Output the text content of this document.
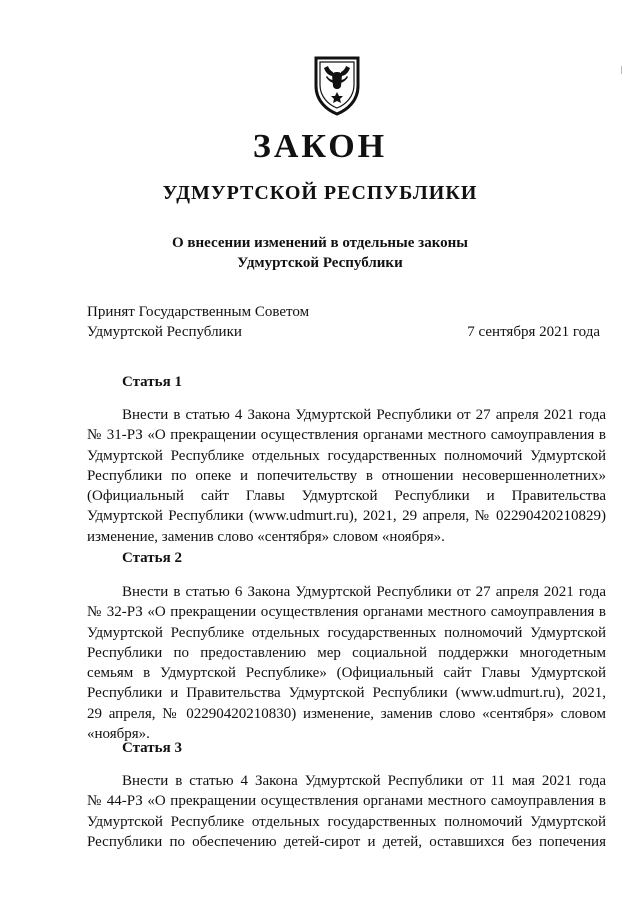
ЗАКОН
УДМУРТСКОЙ РЕСПУБЛИКИ
О внесении изменений в отдельные законы
Удмуртской Республики
Принят Государственным Советом
Удмуртской Республики	7 сентября 2021 года
Статья 1
Внести в статью 4 Закона Удмуртской Республики от 27 апреля 2021 года
№ 31-РЗ «О прекращении осуществления органами местного самоуправления в
Удмуртской Республике отдельных государственных полномочий Удмуртской
Республики по опеке и попечительству в отношении несовершеннолетних»
(Официальный сайт Главы Удмуртской Республики и Правительства
Удмуртской Республики (www.udmurt.ru), 2021, 29 апреля, № 02290420210829)
изменение, заменив слово «сентября» словом «ноября».
Статья 2
Внести в статью 6 Закона Удмуртской Республики от 27 апреля 2021 года
№ 32-РЗ «О прекращении осуществления органами местного самоуправления в
Удмуртской Республике отдельных государственных полномочий Удмуртской
Республики по предоставлению мер социальной поддержки многодетным
семьям в Удмуртской Республике» (Официальный сайт Главы Удмуртской
Республики и Правительства Удмуртской Республики (www.udmurt.ru), 2021,
29 апреля, № 02290420210830) изменение, заменив слово «сентября» словом
«ноября».
Статья 3
Внести в статью 4 Закона Удмуртской Республики от 11 мая 2021 года
№ 44-РЗ «О прекращении осуществления органами местного самоуправления в
Удмуртской Республике отдельных государственных полномочий Удмуртской
Республики по обеспечению детей-сирот и детей, оставшихся без попечения
